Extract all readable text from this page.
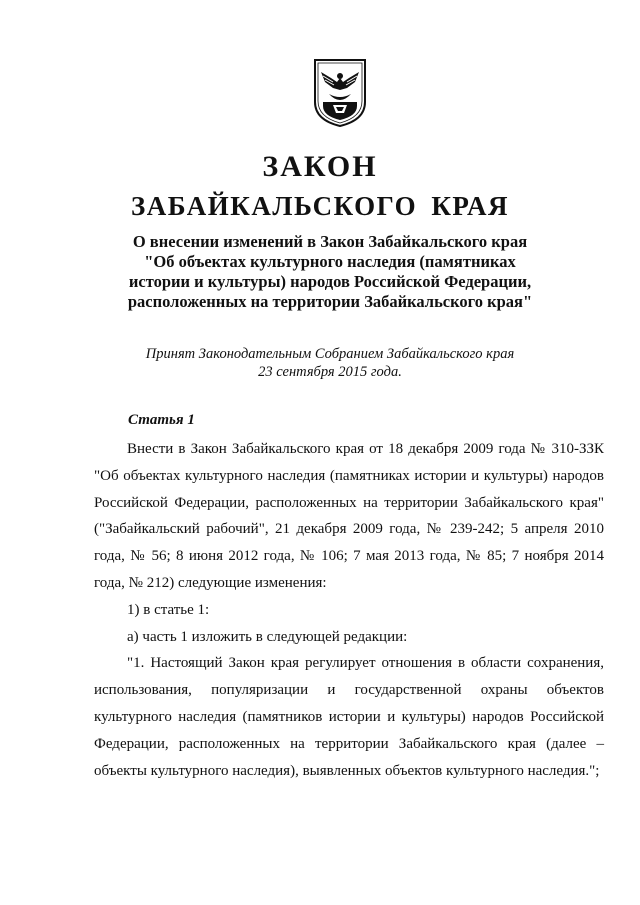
ЗАКОН
ЗАБАЙКАЛЬСКОГО КРАЯ
О внесении изменений в Закон Забайкальского края
"Об объектах культурного наследия (памятниках
истории и культуры) народов Российской Федерации,
расположенных на территории Забайкальского края"
Принят Законодательным Собранием Забайкальского края
23 сентября 2015 года.
Статья 1

Внести в Закон Забайкальского края от 18 декабря 2009 года № 310-ЗЗК "Об объектах культурного наследия (памятниках истории и культуры) народов Российской Федерации, расположенных на территории Забайкальского края" ("Забайкальский рабочий", 21 декабря 2009 года, № 239-242; 5 апреля 2010 года, № 56; 8 июня 2012 года, № 106; 7 мая 2013 года, № 85; 7 ноября 2014 года, № 212) следующие изменения:

1) в статье 1:

а) часть 1 изложить в следующей редакции:

"1. Настоящий Закон края регулирует отношения в области сохранения, использования, популяризации и государственной охраны объектов культурного наследия (памятников истории и культуры) народов Российской Федерации, расположенных на территории Забайкальского края (далее – объекты культурного наследия), выявленных объектов культурного наследия.";
